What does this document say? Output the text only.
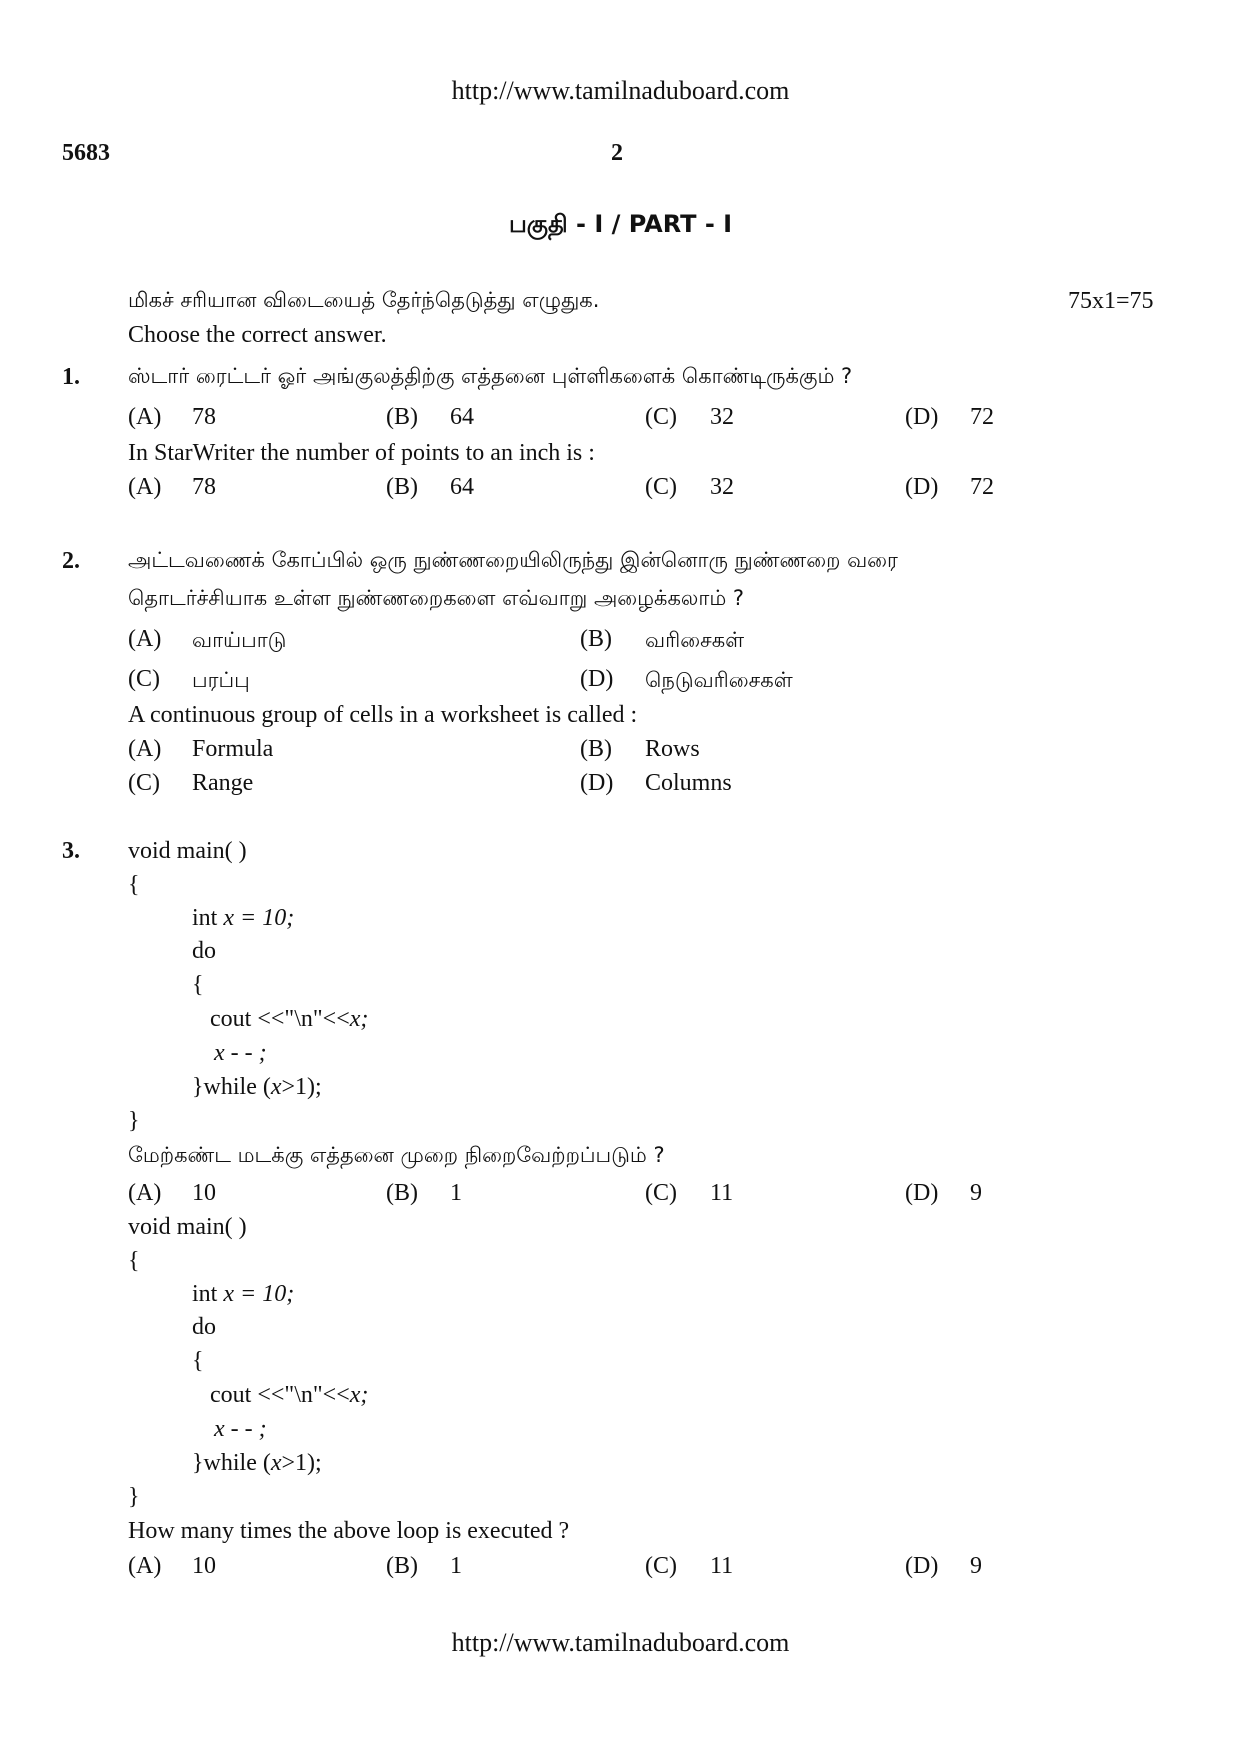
http://www.tamilnaduboard.com
5683	2
பகுதி - I / PART - I
மிகச் சரியான விடையைத் தேர்ந்தெடுத்து எழுதுக.	75x1=75
Choose the correct answer.
1. ஸ்டார் ரைட்டர் ஓர் அங்குலத்திற்கு எத்தனை புள்ளிகளைக் கொண்டிருக்கும் ?
(A) 78	(B) 64	(C) 32	(D) 72
In StarWriter the number of points to an inch is :
(A) 78	(B) 64	(C) 32	(D) 72
2. அட்டவணைக் கோப்பில் ஒரு நுண்ணறையிலிருந்து இன்னொரு நுண்ணறை வரை
தொடர்ச்சியாக உள்ள நுண்ணறைகளை எவ்வாறு அழைக்கலாம் ?
(A) வாய்பாடு	(B) வரிசைகள்
(C) பரப்பு	(D) நெடுவரிசைகள்
A continuous group of cells in a worksheet is called :
(A) Formula	(B) Rows
(C) Range	(D) Columns
3. void main( )
{
int x = 10;
do
{
cout <<"\n"<<x;
x - - ;
}while (x>1);
}
மேற்கண்ட மடக்கு எத்தனை முறை நிறைவேற்றப்படும் ?
(A) 10	(B) 1	(C) 11	(D) 9
void main( )
{
int x = 10;
do
{
cout <<"\n"<<x;
x - - ;
}while (x>1);
}
How many times the above loop is executed ?
(A) 10	(B) 1	(C) 11	(D) 9
http://www.tamilnaduboard.com
